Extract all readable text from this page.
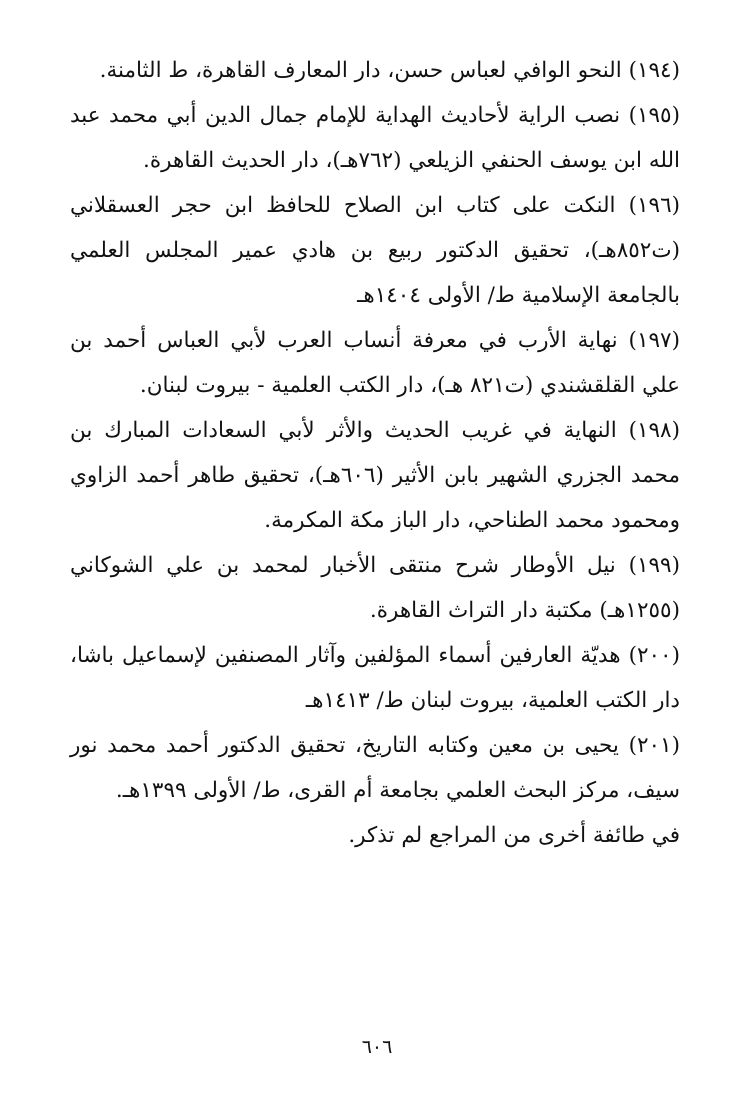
(١٩٤) النحو الوافي لعباس حسن، دار المعارف القاهرة، ط الثامنة.
(١٩٥) نصب الراية لأحاديث الهداية للإمام جمال الدين أبي محمد عبد الله ابن يوسف الحنفي الزيلعي (٧٦٢هـ)، دار الحديث القاهرة.
(١٩٦) النكت على كتاب ابن الصلاح للحافظ ابن حجر العسقلاني (ت٨٥٢هـ)، تحقيق الدكتور ربيع بن هادي عمير المجلس العلمي بالجامعة الإسلامية ط/ الأولى ١٤٠٤هـ
(١٩٧) نهاية الأرب في معرفة أنساب العرب لأبي العباس أحمد بن علي القلقشندي (ت٨٢١ هـ)، دار الكتب العلمية - بيروت لبنان.
(١٩٨) النهاية في غريب الحديث والأثر لأبي السعادات المبارك بن محمد الجزري الشهير بابن الأثير (٦٠٦هـ)، تحقيق طاهر أحمد الزاوي ومحمود محمد الطناحي، دار الباز مكة المكرمة.
(١٩٩) نيل الأوطار شرح منتقى الأخبار لمحمد بن علي الشوكاني (١٢٥٥هـ) مكتبة دار التراث القاهرة.
(٢٠٠) هديّة العارفين أسماء المؤلفين وآثار المصنفين لإسماعيل باشا، دار الكتب العلمية، بيروت لبنان ط/ ١٤١٣هـ
(٢٠١) يحيى بن معين وكتابه التاريخ، تحقيق الدكتور أحمد محمد نور سيف، مركز البحث العلمي بجامعة أم القرى، ط/ الأولى ١٣٩٩هـ.
في طائفة أخرى من المراجع لم تذكر.
٦٠٦
